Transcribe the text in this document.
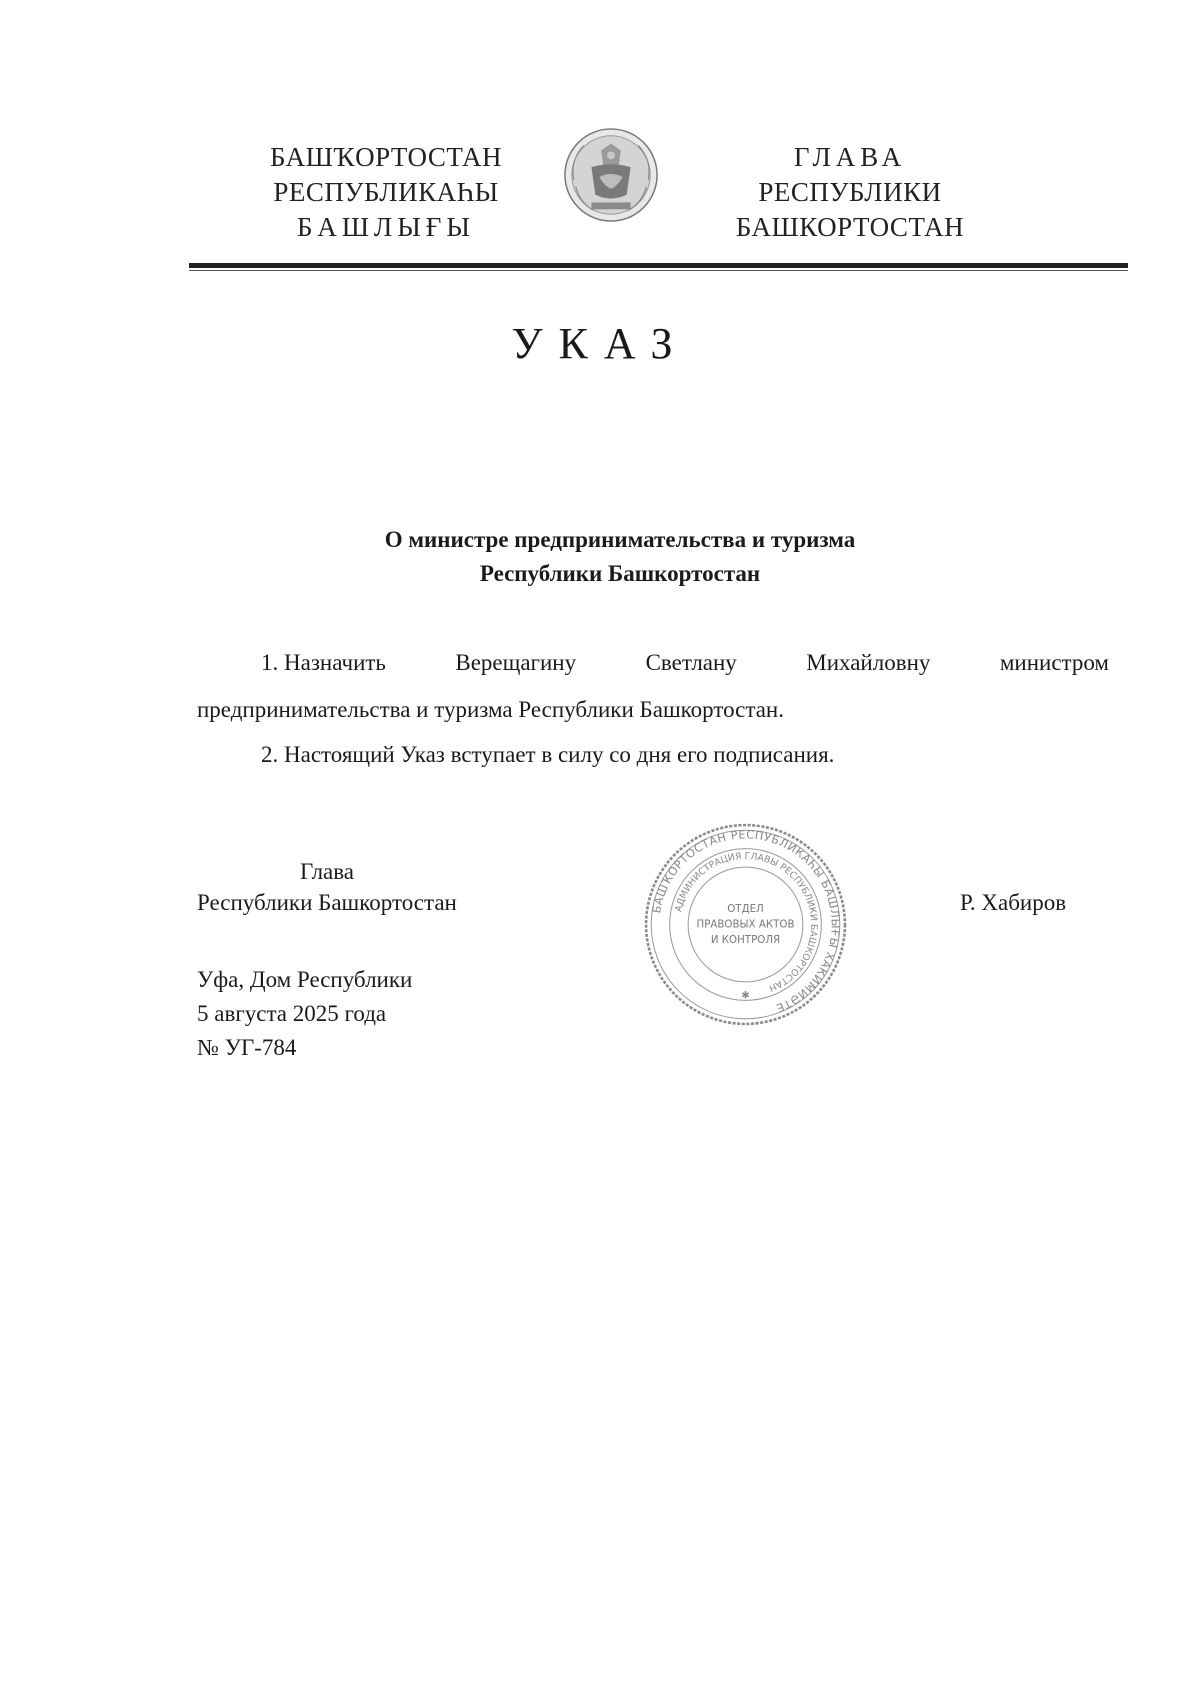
БАШҠОРТОСТАН
РЕСПУБЛИКАҺЫ
БАШЛЫҒЫ
ГЛАВА
РЕСПУБЛИКИ
БАШКОРТОСТАН
УКАЗ
О министре предпринимательства и туризма
Республики Башкортостан
1. Назначить	Верещагину	Светлану	Михайловну	министром
предпринимательства и туризма Республики Башкортостан.
2. Настоящий Указ вступает в силу со дня его подписания.
Глава
Республики Башкортостан	Р. Хабиров
Уфа, Дом Республики
5 августа 2025 года
№ УГ-784
БАШҠОРТОСТАН РЕСПУБЛИКАҺЫ БАШЛЫҒЫ ХАКИМИӘТЕ
АДМИНИСТРАЦИЯ ГЛАВЫ РЕСПУБЛИКИ БАШКОРТОСТАН
ОТДЕЛ
ПРАВОВЫХ АКТОВ
И КОНТРОЛЯ
✱
